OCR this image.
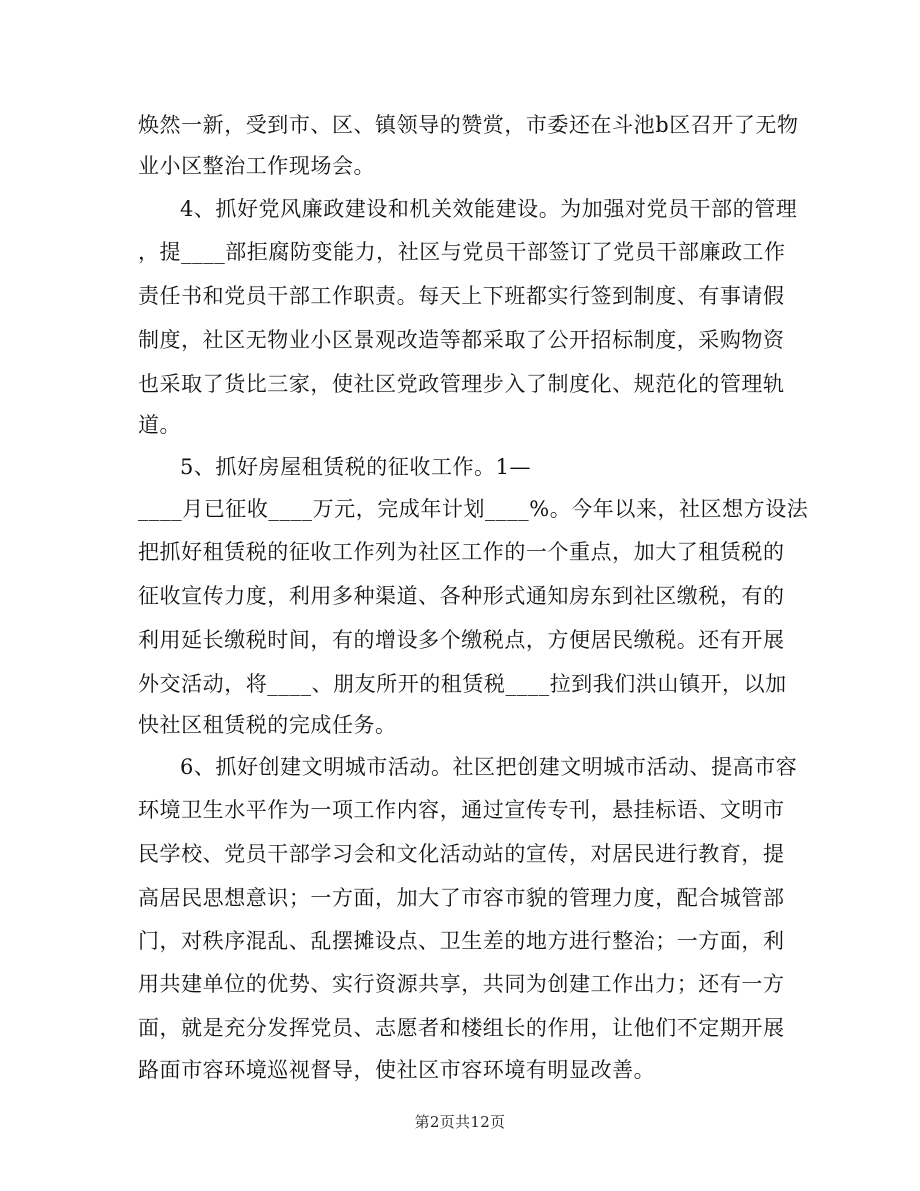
焕然一新，受到市、区、镇领导的赞赏，市委还在斗池b区召开了无物
业小区整治工作现场会。
4、抓好党风廉政建设和机关效能建设。为加强对党员干部的管理
，提____部拒腐防变能力，社区与党员干部签订了党员干部廉政工作
责任书和党员干部工作职责。每天上下班都实行签到制度、有事请假
制度，社区无物业小区景观改造等都采取了公开招标制度，采购物资
也采取了货比三家，使社区党政管理步入了制度化、规范化的管理轨
道。
5、抓好房屋租赁税的征收工作。1—
____月已征收____万元，完成年计划____%。今年以来，社区想方设法
把抓好租赁税的征收工作列为社区工作的一个重点，加大了租赁税的
征收宣传力度，利用多种渠道、各种形式通知房东到社区缴税，有的
利用延长缴税时间，有的增设多个缴税点，方便居民缴税。还有开展
外交活动，将____、朋友所开的租赁税____拉到我们洪山镇开，以加
快社区租赁税的完成任务。
6、抓好创建文明城市活动。社区把创建文明城市活动、提高市容
环境卫生水平作为一项工作内容，通过宣传专刊，悬挂标语、文明市
民学校、党员干部学习会和文化活动站的宣传，对居民进行教育，提
高居民思想意识；一方面，加大了市容市貌的管理力度，配合城管部
门，对秩序混乱、乱摆摊设点、卫生差的地方进行整治；一方面，利
用共建单位的优势、实行资源共享，共同为创建工作出力；还有一方
面，就是充分发挥党员、志愿者和楼组长的作用，让他们不定期开展
路面市容环境巡视督导，使社区市容环境有明显改善。
第2页共12页
